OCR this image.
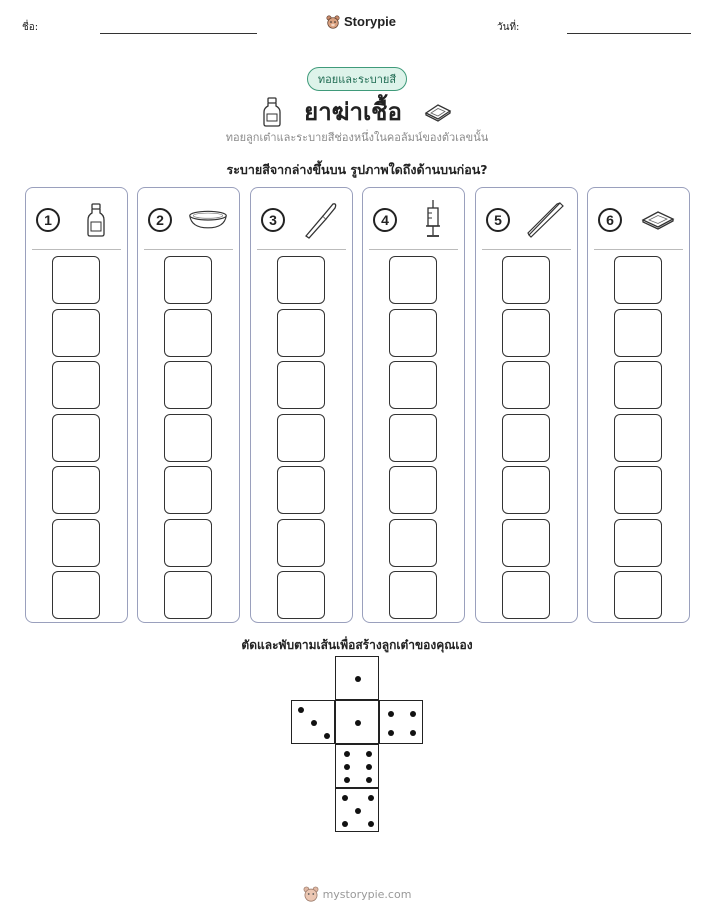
ชื่อ:	Storypie	วันที่:
ทอยและระบายสี
ยาฆ่าเชื้อ
ทอยลูกเต๋าและระบายสีช่องหนึ่งในคอลัมน์ของตัวเลขนั้น
ระบายสีจากล่างขึ้นบน รูปภาพใดถึงด้านบนก่อน?
1	2	3	4	5	6
ตัดและพับตามเส้นเพื่อสร้างลูกเต๋าของคุณเอง
mystorypie.com
